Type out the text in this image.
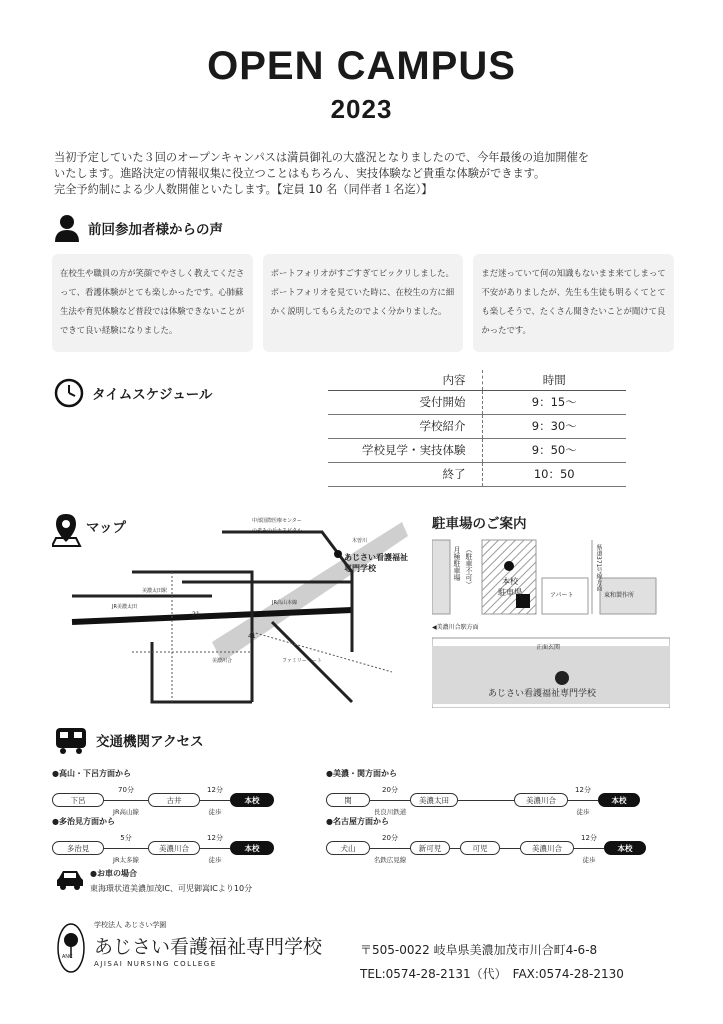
OPEN CAMPUS
2023

当初予定していた３回のオープンキャンパスは満員御礼の大盛況となりましたので、今年最後の追加開催を

いたします。進路決定の情報収集に役立つことはもちろん、実技体験など貴重な体験ができます。

完全予約制による少人数開催といたします。【定員 10 名（同伴者１名迄）】

前回参加者様からの声
在校生や職員の方が笑顔でやさしく教えてくださって、看護体験がとても楽しかったです。心肺蘇生法や育児体験など普段では体験できないことができて良い経験になりました。
ポートフォリオがすごすぎてビックリしました。ポートフォリオを見ていた時に、在校生の方に細かく説明してもらえたのでよく分かりました。
まだ迷っていて何の知識もないまま来てしまって不安がありましたが、先生も生徒も明るくてとても楽しそうで、たくさん聞きたいことが聞けて良かったです。
タイムスケジュール
内容	時間
受付開始	9：15～
学校紹介	9：30～
学校見学・実技体験	9：50～
終了	10：50
中部国際医療センター
のぞみの丘ホスピタル
美濃太田駅
JR美濃太田
JR高山本線
美濃川合	ファミリーマート
木曽川
21
41
マップ
あじさい看護福祉
専門学校
駐車場のご案内
月極駐車場 （駐車不可）	本校
駐車場	アパート	東和製作所
県道371号線方面
◀美濃川合駅方面
正面玄関
あじさい看護福祉専門学校
交通機関アクセス
●高山・下呂方面から
下呂
70分
JR高山線
古井
12分
徒歩
本校
●多治見方面から
多治見
5分
JR太多線
美濃川合
12分
徒歩
本校
●美濃・関方面から
関
20分
長良川鉄道
美濃太田	美濃川合
12分
徒歩
本校
●名古屋方面から
犬山
20分
名鉄広見線
新可児	可児	美濃川合
12分
徒歩
本校
●お車の場合
東海環状道美濃加茂IC、可児御嵩ICより10分
ANC
学校法人 あじさい学園
あじさい看護福祉専門学校
AJISAI NURSING COLLEGE
〒505-0022 岐阜県美濃加茂市川合町4-6-8
TEL:0574-28-2131（代）　FAX:0574-28-2130
